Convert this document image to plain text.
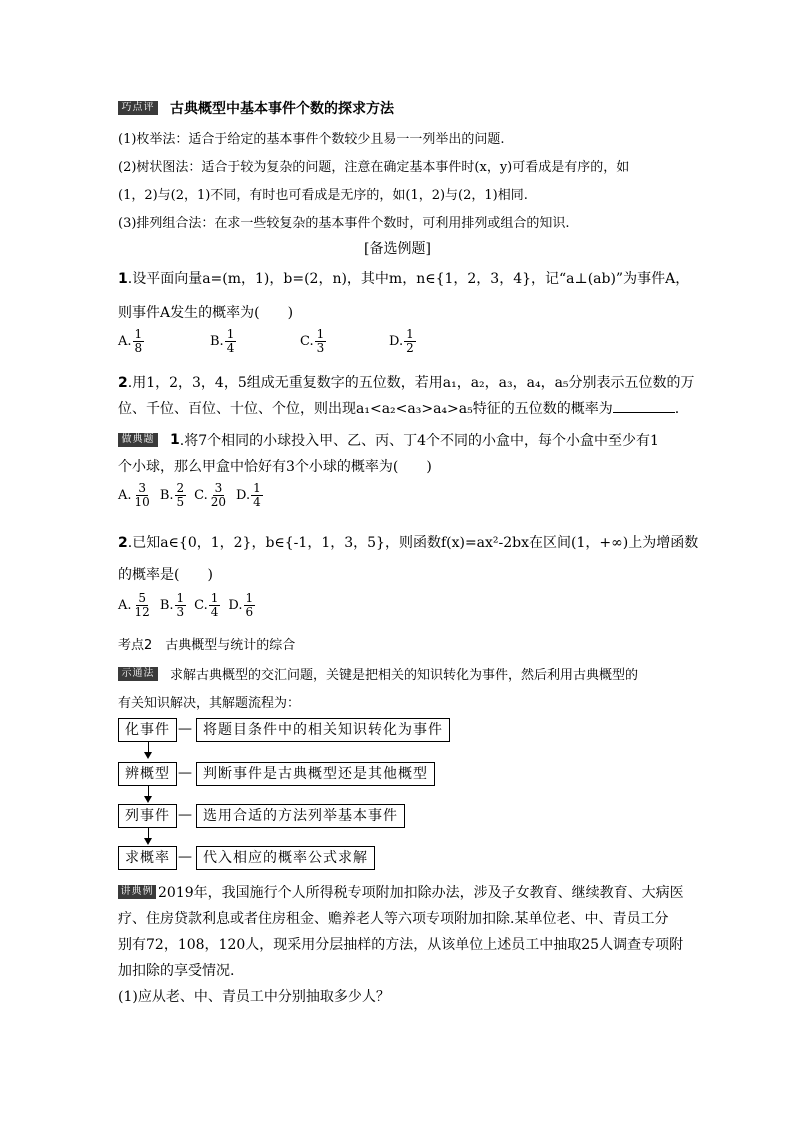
巧点评 古典概型中基本事件个数的探求方法
(1)枚举法：适合于给定的基本事件个数较少且易一一列举出的问题.
(2)树状图法：适合于较为复杂的问题，注意在确定基本事件时(x，y)可看成是有序的，如
(1，2)与(2，1)不同，有时也可看成是无序的，如(1，2)与(2，1)相同.
(3)排列组合法：在求一些较复杂的基本事件个数时，可利用排列或组合的知识.
[备选例题]
1.设平面向量a=(m，1)，b=(2，n)，其中m，n∈{1，2，3，4}，记“a⊥(ab)”为事件A，
则事件A发生的概率为(　　)
A. $\frac{1}{8}$	B. $\frac{1}{4}$	C. $\frac{1}{3}$	D. $\frac{1}{2}$
2.用1，2，3，4，5组成无重复数字的五位数，若用a₁，a₂，a₃，a₄，a₅分别表示五位数的万
位、千位、百位、十位、个位，则出现a₁<a₂<a₃>a₄>a₅特征的五位数的概率为	.
做典题 1 .将7个相同的小球投入甲、乙、丙、丁4个不同的小盒中，每个小盒中至少有1
个小球，那么甲盒中恰好有3个小球的概率为(　　)
A. $\frac{3}{10} B$. $\frac{2}{5} C$. $\frac{3}{20} D$. $\frac{1}{4}$
2.已知a∈{0，1，2}，b∈{-1，1，3，5}，则函数f(x)=ax²-2bx在区间(1，+∞)上为增函数
的概率是(　　)
A. $\frac{5}{12} B$. $\frac{1}{3} C$. $\frac{1}{4} D$. $\frac{1}{6}$
考点2　古典概型与统计的综合
示通法 求解古典概型的交汇问题，关键是把相关的知识转化为事件，然后利用古典概型的
有关知识解决，其解题流程为：
化事件 — 将题目条件中的相关知识转化为事件
辨概型 — 判断事件是古典概型还是其他概型
列事件 — 选用合适的方法列举基本事件
求概率 — 代入相应的概率公式求解
讲典例 2019年，我国施行个人所得税专项附加扣除办法，涉及子女教育、继续教育、大病医
疗、住房贷款利息或者住房租金、赡养老人等六项专项附加扣除.某单位老、中、青员工分
别有72，108，120人，现采用分层抽样的方法，从该单位上述员工中抽取25人调查专项附
加扣除的享受情况.
(1)应从老、中、青员工中分别抽取多少人？
